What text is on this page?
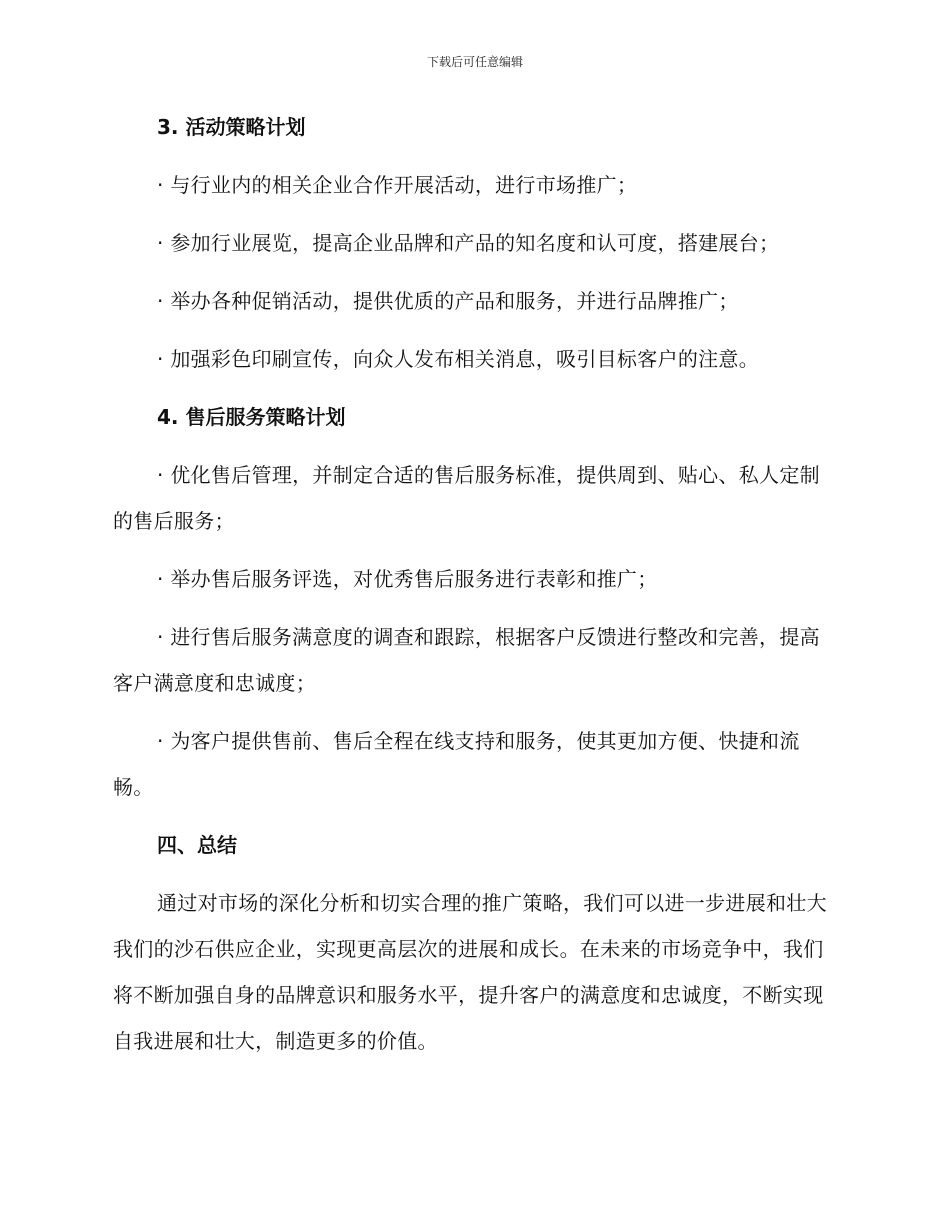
下载后可任意编辑

3. 活动策略计划

· 与行业内的相关企业合作开展活动，进行市场推广；

· 参加行业展览，提高企业品牌和产品的知名度和认可度，搭建展台；

· 举办各种促销活动，提供优质的产品和服务，并进行品牌推广；

· 加强彩色印刷宣传，向众人发布相关消息，吸引目标客户的注意。

4. 售后服务策略计划

· 优化售后管理，并制定合适的售后服务标准，提供周到、贴心、私人定制的售后服务；

· 举办售后服务评选，对优秀售后服务进行表彰和推广；

· 进行售后服务满意度的调查和跟踪，根据客户反馈进行整改和完善，提高客户满意度和忠诚度；

· 为客户提供售前、售后全程在线支持和服务，使其更加方便、快捷和流畅。

四、总结

通过对市场的深化分析和切实合理的推广策略，我们可以进一步进展和壮大我们的沙石供应企业，实现更高层次的进展和成长。在未来的市场竞争中，我们将不断加强自身的品牌意识和服务水平，提升客户的满意度和忠诚度，不断实现自我进展和壮大，制造更多的价值。
